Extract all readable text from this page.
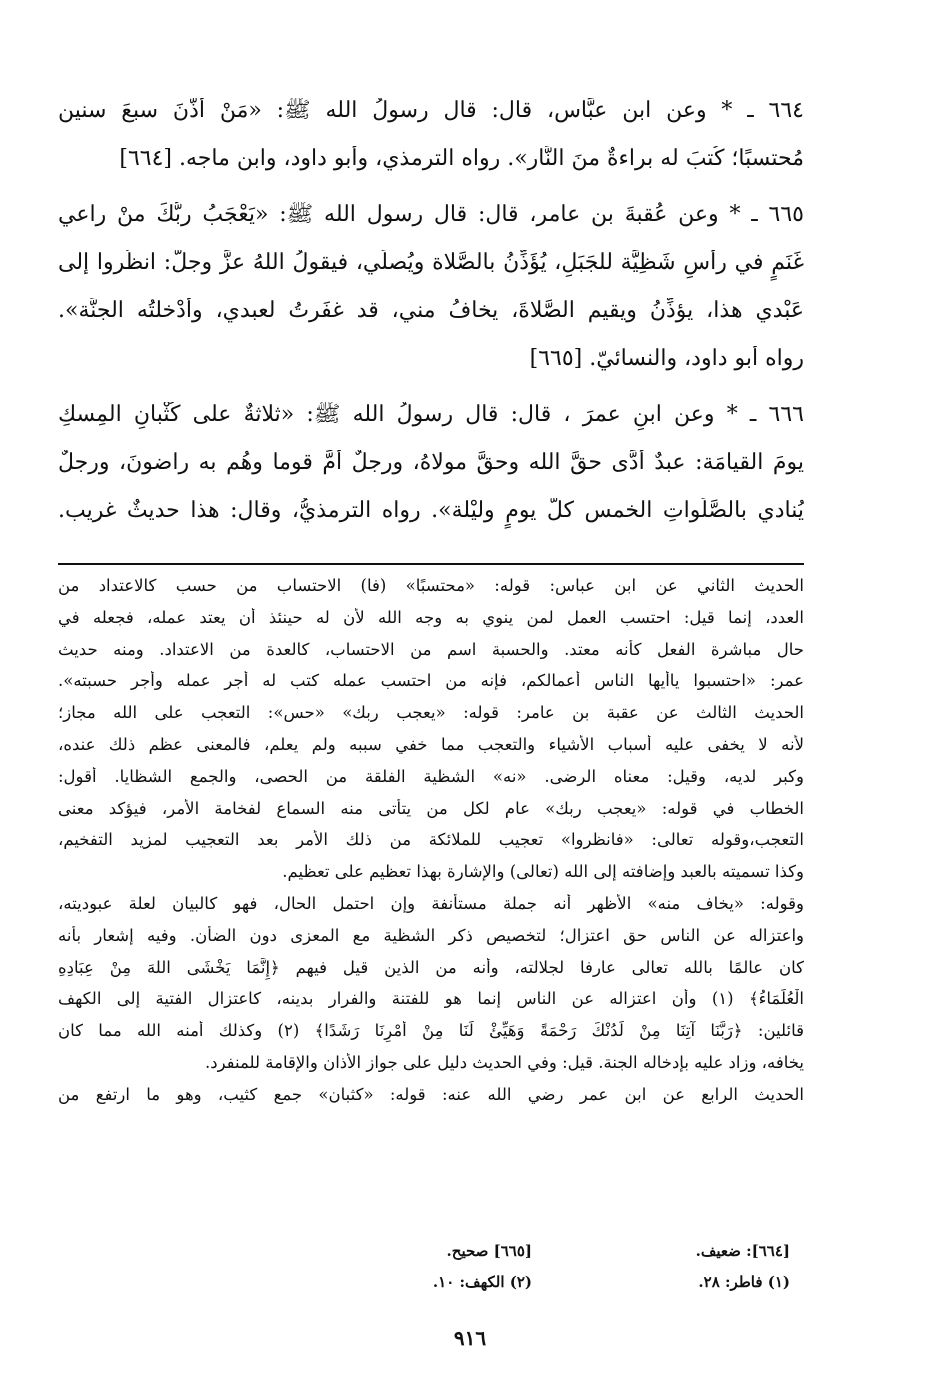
٦٦٤ ـ * وعن ابن عبَّاس، قال: قال رسولُ الله ﷺ: «مَنْ أَذَّنَ سبعَ سنين
مُحتسبًا؛ كُتبَ له براءةٌ منَ النَّار». رواه الترمذي، وأبو داود، وابن ماجه. [٦٦٤]
٦٦٥ ـ * وعن عُقبةَ بن عامر، قال: قال رسول الله ﷺ: «يَعْجَبُ ربُّكَ منْ راعي
غَنَمٍ في رأسِ شَظِيَّة للجَبَلِ، يُؤَذِّنُ بالصَّلاة ويُصلِّي، فيقولُ اللهُ عزَّ وجلَّ: انظُروا إلى
عَبْدي هذا، يؤذِّنُ ويقيم الصَّلاةَ، يخافُ مني، قد غفَرتُ لعبدي، وأدْخلتُه الجنَّة».
رواه أبو داود، والنسائيّ. [٦٦٥]
٦٦٦ ـ * وعن ابنِ عمرَ ، قال: قال رسولُ الله ﷺ: «ثلاثةٌ على كُثْبانِ المِسكِ
يومَ القيامَة: عبدٌ أدَّى حقَّ الله وحقَّ مولاهُ، ورجلٌ أمَّ قوما وهُم به راضونَ، ورجلٌ
يُنادي بالصَّلَواتِ الخمس كلَّ يومٍ وليْلة». رواه الترمذيُّ، وقال: هذا حديثٌ غريب.
الحديث الثاني عن ابن عباس: قوله: «محتسبًا» (فا) الاحتساب من حسب كالاعتداد من
العدد، إنما قيل: احتسب العمل لمن ينوي به وجه الله لأن له حينئذ أن يعتد عمله، فجعله في
حال مباشرة الفعل كأنه معتد. والحسبة اسم من الاحتساب، كالعدة من الاعتداد. ومنه حديث
عمر: «احتسبوا ياأيها الناس أعمالكم، فإنه من احتسب عمله كتب له أجر عمله وأجر حسبته».
الحديث الثالث عن عقبة بن عامر: قوله: «يعجب ربك» «حس»: التعجب على الله مجاز؛
لأنه لا يخفى عليه أسباب الأشياء والتعجب مما خفي سببه ولم يعلم، فالمعنى عظم ذلك عنده،
وكبر لديه، وقيل: معناه الرضى. «نه» الشظية الفلقة من الحصى، والجمع الشظايا. أقول:
الخطاب في قوله: «يعجب ربك» عام لكل من يتأتى منه السماع لفخامة الأمر، فيؤكد معنى
التعجب،وقوله تعالى: «فانظروا» تعجيب للملائكة من ذلك الأمر بعد التعجيب لمزيد التفخيم،
وكذا تسميته بالعبد وإضافته إلى الله (تعالى) والإشارة بهذا تعظيم على تعظيم.
وقوله: «يخاف منه» الأظهر أنه جملة مستأنفة وإن احتمل الحال، فهو كالبيان لعلة عبوديته،
واعتزاله عن الناس حق اعتزال؛ لتخصيص ذكر الشظية مع المعزى دون الضأن. وفيه إشعار بأنه
كان عالمًا بالله تعالى عارفا لجلالته، وأنه من الذين قيل فيهم ﴿إِنَّمَا يَخْشَى اللهَ مِنْ عِبَادِهِ
الْعُلَمَاءُ﴾ (١) وأن اعتزاله عن الناس إنما هو للفتنة والفرار بدينه، كاعتزال الفتية إلى الكهف
قائلين: ﴿رَبَّنَا آتِنَا مِنْ لَدُنْكَ رَحْمَةً وَهَيِّئْ لَنَا مِنْ أَمْرِنَا رَشَدًا﴾ (٢) وكذلك أمنه الله مما كان
يخافه، وزاد عليه بإدخاله الجنة. قيل: وفي الحديث دليل على جواز الأذان والإقامة للمنفرد.
الحديث الرابع عن ابن عمر رضي الله عنه: قوله: «كثبان» جمع كثيب، وهو ما ارتفع من
[٦٦٤]: ضعيف.
[٦٦٥] صحيح.
(١) فاطر: ٢٨.
(٢) الكهف: ١٠.
٩١٦
